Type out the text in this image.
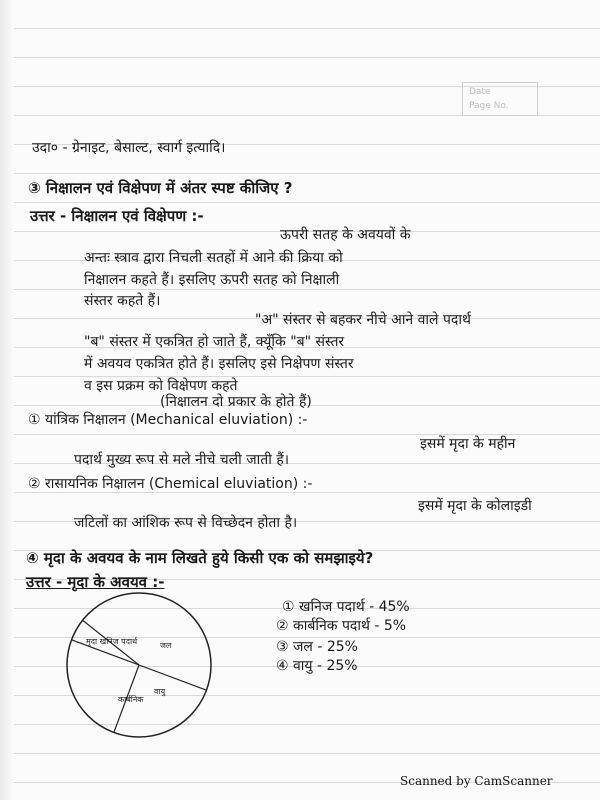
Date
Page No.
उदा० - ग्रेनाइट, बेसाल्ट, स्वार्ग इत्यादि।
③ निक्षालन एवं विक्षेपण में अंतर स्पष्ट कीजिए ?
उत्तर - निक्षालन एवं विक्षेपण :-
ऊपरी सतह के अवयवों के
अन्तः स्त्राव द्वारा निचली सतहों में आने की क्रिया को
निक्षालन कहते हैं। इसलिए ऊपरी सतह को निक्षाली
संस्तर कहते हैं।
"अ" संस्तर से बहकर नीचे आने वाले पदार्थ
"ब" संस्तर में एकत्रित हो जाते हैं, क्यूँकि "ब" संस्तर
में अवयव एकत्रित होते हैं। इसलिए इसे निक्षेपण संस्तर
व इस प्रक्रम को विक्षेपण कहते
(निक्षालन दो प्रकार के होते हैं)
① यांत्रिक निक्षालन (Mechanical eluviation) :-
इसमें मृदा के महीन
पदार्थ मुख्य रूप से मले नीचे चली जाती हैं।
② रासायनिक निक्षालन (Chemical eluviation) :-
इसमें मृदा के कोलाइडी
जटिलों का आंशिक रूप से विच्छेदन होता है।
④ मृदा के अवयव के नाम लिखते हुये किसी एक को समझाइये?
उत्तर - मृदा के अवयव :-
① खनिज पदार्थ - 45%
② कार्बनिक पदार्थ - 5%
③ जल - 25%
④ वायु - 25%
मृदा खनिज पदार्थ	जल
वायु
कार्बनिक
Scanned by CamScanner
